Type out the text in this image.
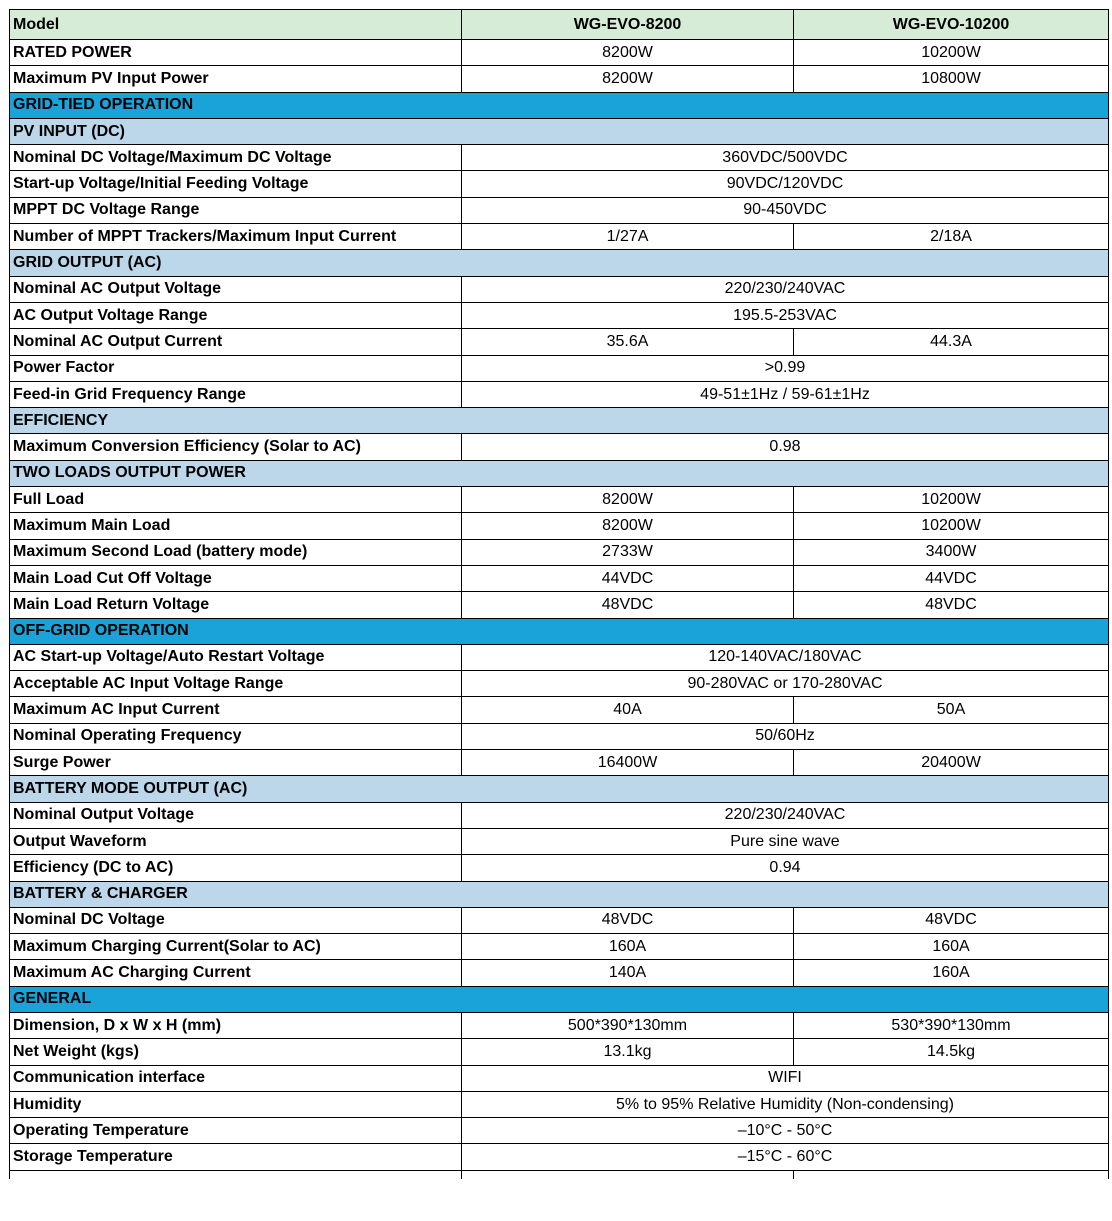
Model	WG-EVO-8200	WG-EVO-10200
RATED POWER	8200W	10200W
Maximum PV Input Power	8200W	10800W
GRID-TIED OPERATION		
PV INPUT (DC)		
Nominal DC Voltage/Maximum DC Voltage	360VDC/500VDC	
Start-up Voltage/Initial Feeding Voltage	90VDC/120VDC	
MPPT DC Voltage Range	90-450VDC	
Number of MPPT Trackers/Maximum Input Current	1/27A	2/18A
GRID OUTPUT (AC)		
Nominal AC Output Voltage	220/230/240VAC	
AC Output Voltage Range	195.5-253VAC	
Nominal AC Output Current	35.6A	44.3A
Power Factor	>0.99	
Feed-in Grid Frequency Range	49-51±1Hz / 59-61±1Hz	
EFFICIENCY		
Maximum Conversion Efficiency (Solar to AC)	0.98	
TWO LOADS OUTPUT POWER		
Full Load	8200W	10200W
Maximum Main Load	8200W	10200W
Maximum Second Load (battery mode)	2733W	3400W
Main Load Cut Off Voltage	44VDC	44VDC
Main Load Return Voltage	48VDC	48VDC
OFF-GRID OPERATION		
AC Start-up Voltage/Auto Restart Voltage	120-140VAC/180VAC	
Acceptable AC Input Voltage Range	90-280VAC or 170-280VAC	
Maximum AC Input Current	40A	50A
Nominal Operating Frequency	50/60Hz	
Surge Power	16400W	20400W
BATTERY MODE OUTPUT (AC)		
Nominal Output Voltage	220/230/240VAC	
Output Waveform	Pure sine wave	
Efficiency (DC to AC)	0.94	
BATTERY & CHARGER		
Nominal DC Voltage	48VDC	48VDC
Maximum Charging Current(Solar to AC)	160A	160A
Maximum AC Charging Current	140A	160A
GENERAL		
Dimension, D x W x H (mm)	500*390*130mm	530*390*130mm
Net Weight (kgs)	13.1kg	14.5kg
Communication interface	WIFI	
Humidity	5% to 95% Relative Humidity (Non-condensing)	
Operating Temperature	–10°C - 50°C	
Storage Temperature	–15°C - 60°C	
